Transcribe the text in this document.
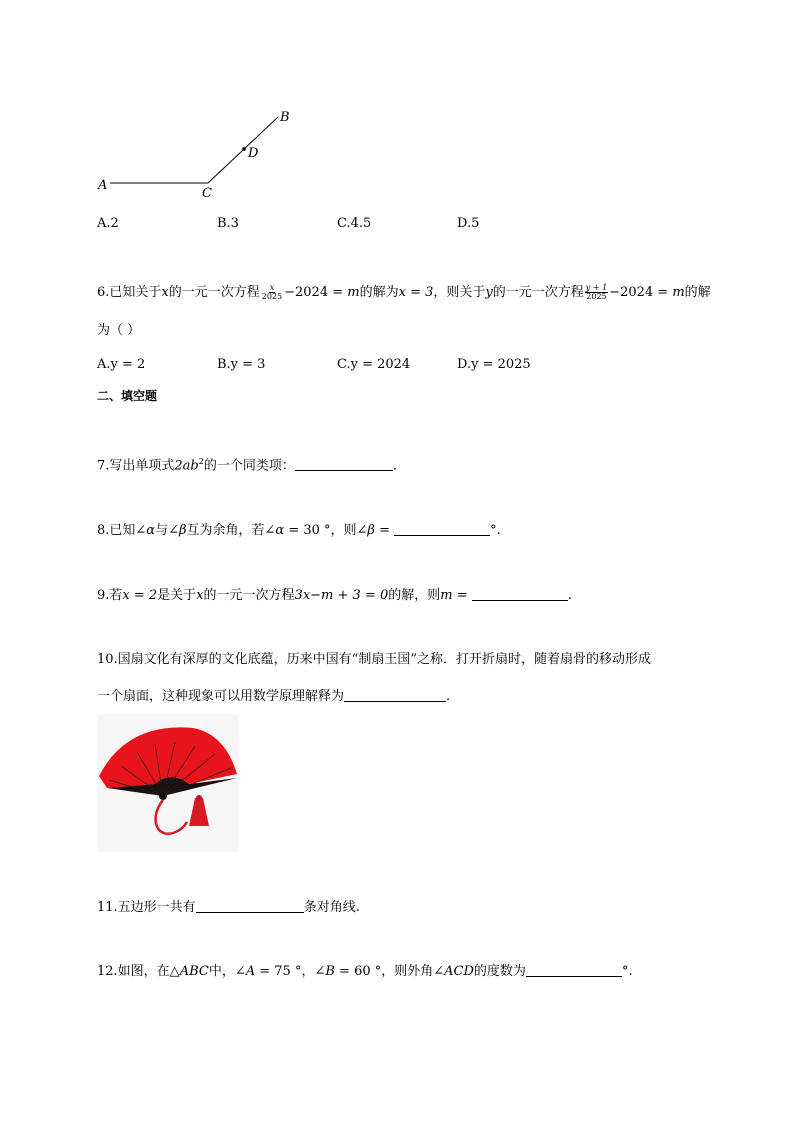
A
C
D
B
A.2	B.3	C.4.5	D.5
6.已知关于x的一元一次方程 $\frac{x}{2025} -2024 = m$的解为x = 3，则关于y的一元一次方程 $\frac{y + 1}{2025} -2024 = m$的解
为（ ）
A.y = 2	B.y = 3	C.y = 2024	D.y = 2025
二、填空题
7.写出单项式$2ab^2$的一个同类项：	.
8.已知∠α与∠β互为余角，若∠α = 30 °，则∠β =	°.
9.若x = 2是关于x的一元一次方程3x−m + 3 = 0的解，则m =	.
10.国扇文化有深厚的文化底蕴，历来中国有“制扇王国”之称．打开折扇时，随着扇骨的移动形成
一个扇面，这种现象可以用数学原理解释为	.
11.五边形一共有	条对角线.
12.如图，在△ABC中，∠A = 75 °，∠B = 60 °，则外角∠ACD的度数为	°.
